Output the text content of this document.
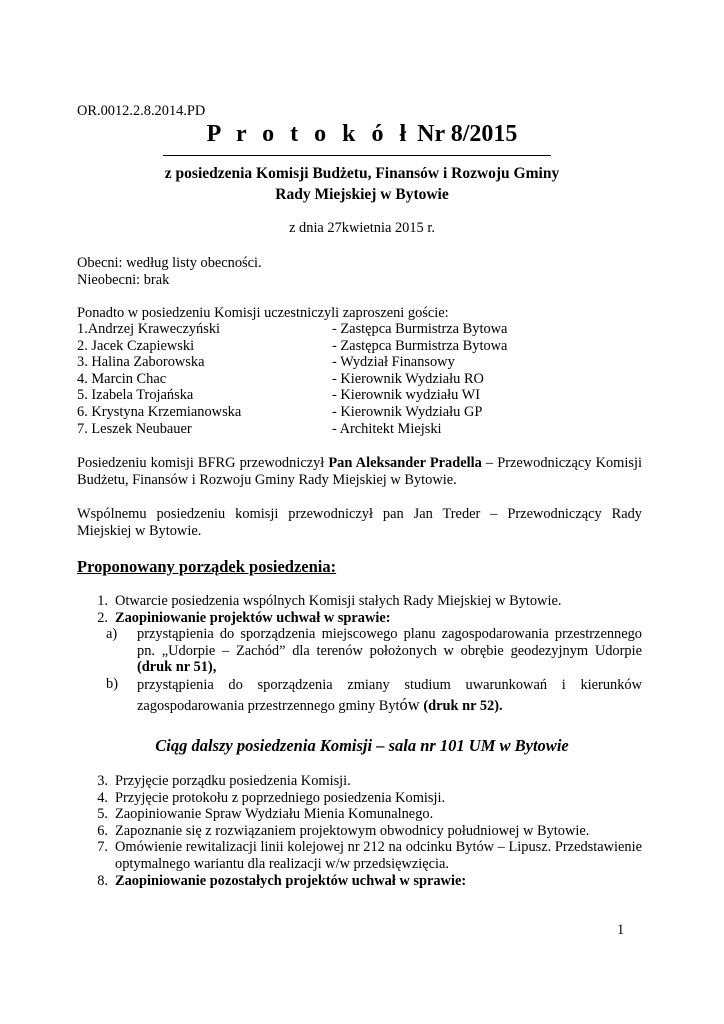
OR.0012.2.8.2014.PD
P r o t o k ó ł Nr 8/2015
z posiedzenia Komisji Budżetu, Finansów i Rozwoju Gminy
Rady Miejskiej w Bytowie
z dnia 27kwietnia 2015 r.
Obecni: według listy obecności.
Nieobecni: brak
Ponadto w posiedzeniu Komisji uczestniczyli zaproszeni goście:
1.Andrzej Kraweczyński	- Zastępca Burmistrza Bytowa
2. Jacek Czapiewski	- Zastępca Burmistrza Bytowa
3. Halina Zaborowska	- Wydział Finansowy
4. Marcin Chac	- Kierownik Wydziału RO
5. Izabela Trojańska	- Kierownik wydziału WI
6. Krystyna Krzemianowska	- Kierownik Wydziału GP
7. Leszek Neubauer	- Architekt Miejski
Posiedzeniu komisji BFRG przewodniczył Pan Aleksander Pradella – Przewodniczący Komisji Budżetu, Finansów i Rozwoju Gminy Rady Miejskiej w Bytowie.
Wspólnemu posiedzeniu komisji przewodniczył pan Jan Treder – Przewodniczący Rady Miejskiej w Bytowie.
Proponowany porządek posiedzenia:
1. Otwarcie posiedzenia wspólnych Komisji stałych Rady Miejskiej w Bytowie.
2. Zaopiniowanie projektów uchwał w sprawie:
a)	przystąpienia do sporządzenia miejscowego planu zagospodarowania przestrzennego pn. „Udorpie – Zachód” dla terenów położonych w obrębie geodezyjnym Udorpie (druk nr 51),
b)	przystąpienia do sporządzenia zmiany studium uwarunkowań i kierunków zagospodarowania przestrzennego gminy Bytów (druk nr 52).
Ciąg dalszy posiedzenia Komisji – sala nr 101 UM w Bytowie
3. Przyjęcie porządku posiedzenia Komisji.
4. Przyjęcie protokołu z poprzedniego posiedzenia Komisji.
5. Zaopiniowanie Spraw Wydziału Mienia Komunalnego.
6. Zapoznanie się z rozwiązaniem projektowym obwodnicy południowej w Bytowie.
7. Omówienie rewitalizacji linii kolejowej nr 212 na odcinku Bytów – Lipusz. Przedstawienie optymalnego wariantu dla realizacji w/w przedsięwzięcia.
8. Zaopiniowanie pozostałych projektów uchwał w sprawie:
1
